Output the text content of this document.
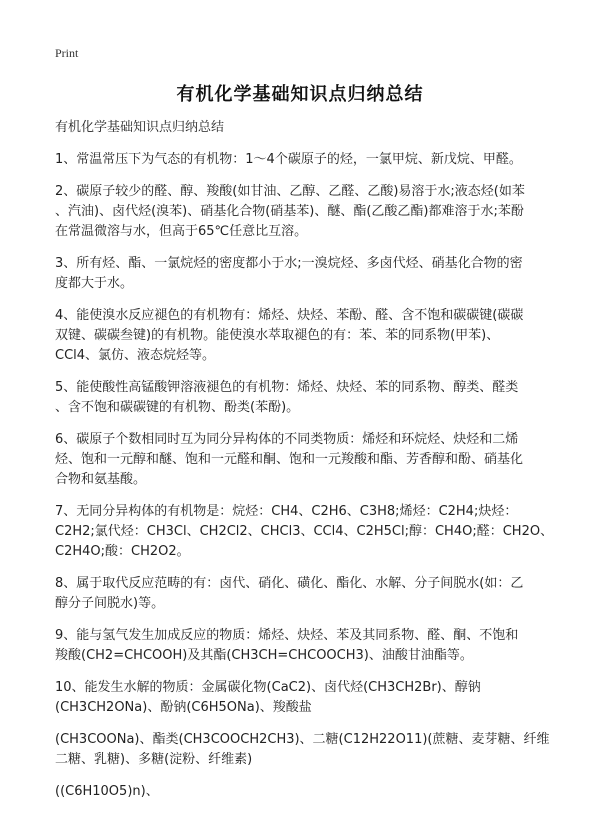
Print
有机化学基础知识点归纳总结
有机化学基础知识点归纳总结
1、常温常压下为气态的有机物：1～4个碳原子的烃，一氯甲烷、新戊烷、甲醛。
2、碳原子较少的醛、醇、羧酸(如甘油、乙醇、乙醛、乙酸)易溶于水;液态烃(如苯
、汽油)、卤代烃(溴苯)、硝基化合物(硝基苯)、醚、酯(乙酸乙酯)都难溶于水;苯酚
在常温微溶与水，但高于65℃任意比互溶。
3、所有烃、酯、一氯烷烃的密度都小于水;一溴烷烃、多卤代烃、硝基化合物的密
度都大于水。
4、能使溴水反应褪色的有机物有：烯烃、炔烃、苯酚、醛、含不饱和碳碳键(碳碳
双键、碳碳叁键)的有机物。能使溴水萃取褪色的有：苯、苯的同系物(甲苯)、
CCl4、氯仿、液态烷烃等。
5、能使酸性高锰酸钾溶液褪色的有机物：烯烃、炔烃、苯的同系物、醇类、醛类
、含不饱和碳碳键的有机物、酚类(苯酚)。
6、碳原子个数相同时互为同分异构体的不同类物质：烯烃和环烷烃、炔烃和二烯
烃、饱和一元醇和醚、饱和一元醛和酮、饱和一元羧酸和酯、芳香醇和酚、硝基化
合物和氨基酸。
7、无同分异构体的有机物是：烷烃：CH4、C2H6、C3H8;烯烃：C2H4;炔烃：
C2H2;氯代烃：CH3Cl、CH2Cl2、CHCl3、CCl4、C2H5Cl;醇：CH4O;醛：CH2O、
C2H4O;酸：CH2O2。
8、属于取代反应范畴的有：卤代、硝化、磺化、酯化、水解、分子间脱水(如：乙
醇分子间脱水)等。
9、能与氢气发生加成反应的物质：烯烃、炔烃、苯及其同系物、醛、酮、不饱和
羧酸(CH2=CHCOOH)及其酯(CH3CH=CHCOOCH3)、油酸甘油酯等。
10、能发生水解的物质：金属碳化物(CaC2)、卤代烃(CH3CH2Br)、醇钠
(CH3CH2ONa)、酚钠(C6H5ONa)、羧酸盐
(CH3COONa)、酯类(CH3COOCH2CH3)、二糖(C12H22O11)(蔗糖、麦芽糖、纤维
二糖、乳糖)、多糖(淀粉、纤维素)
((C6H10O5)n)、
